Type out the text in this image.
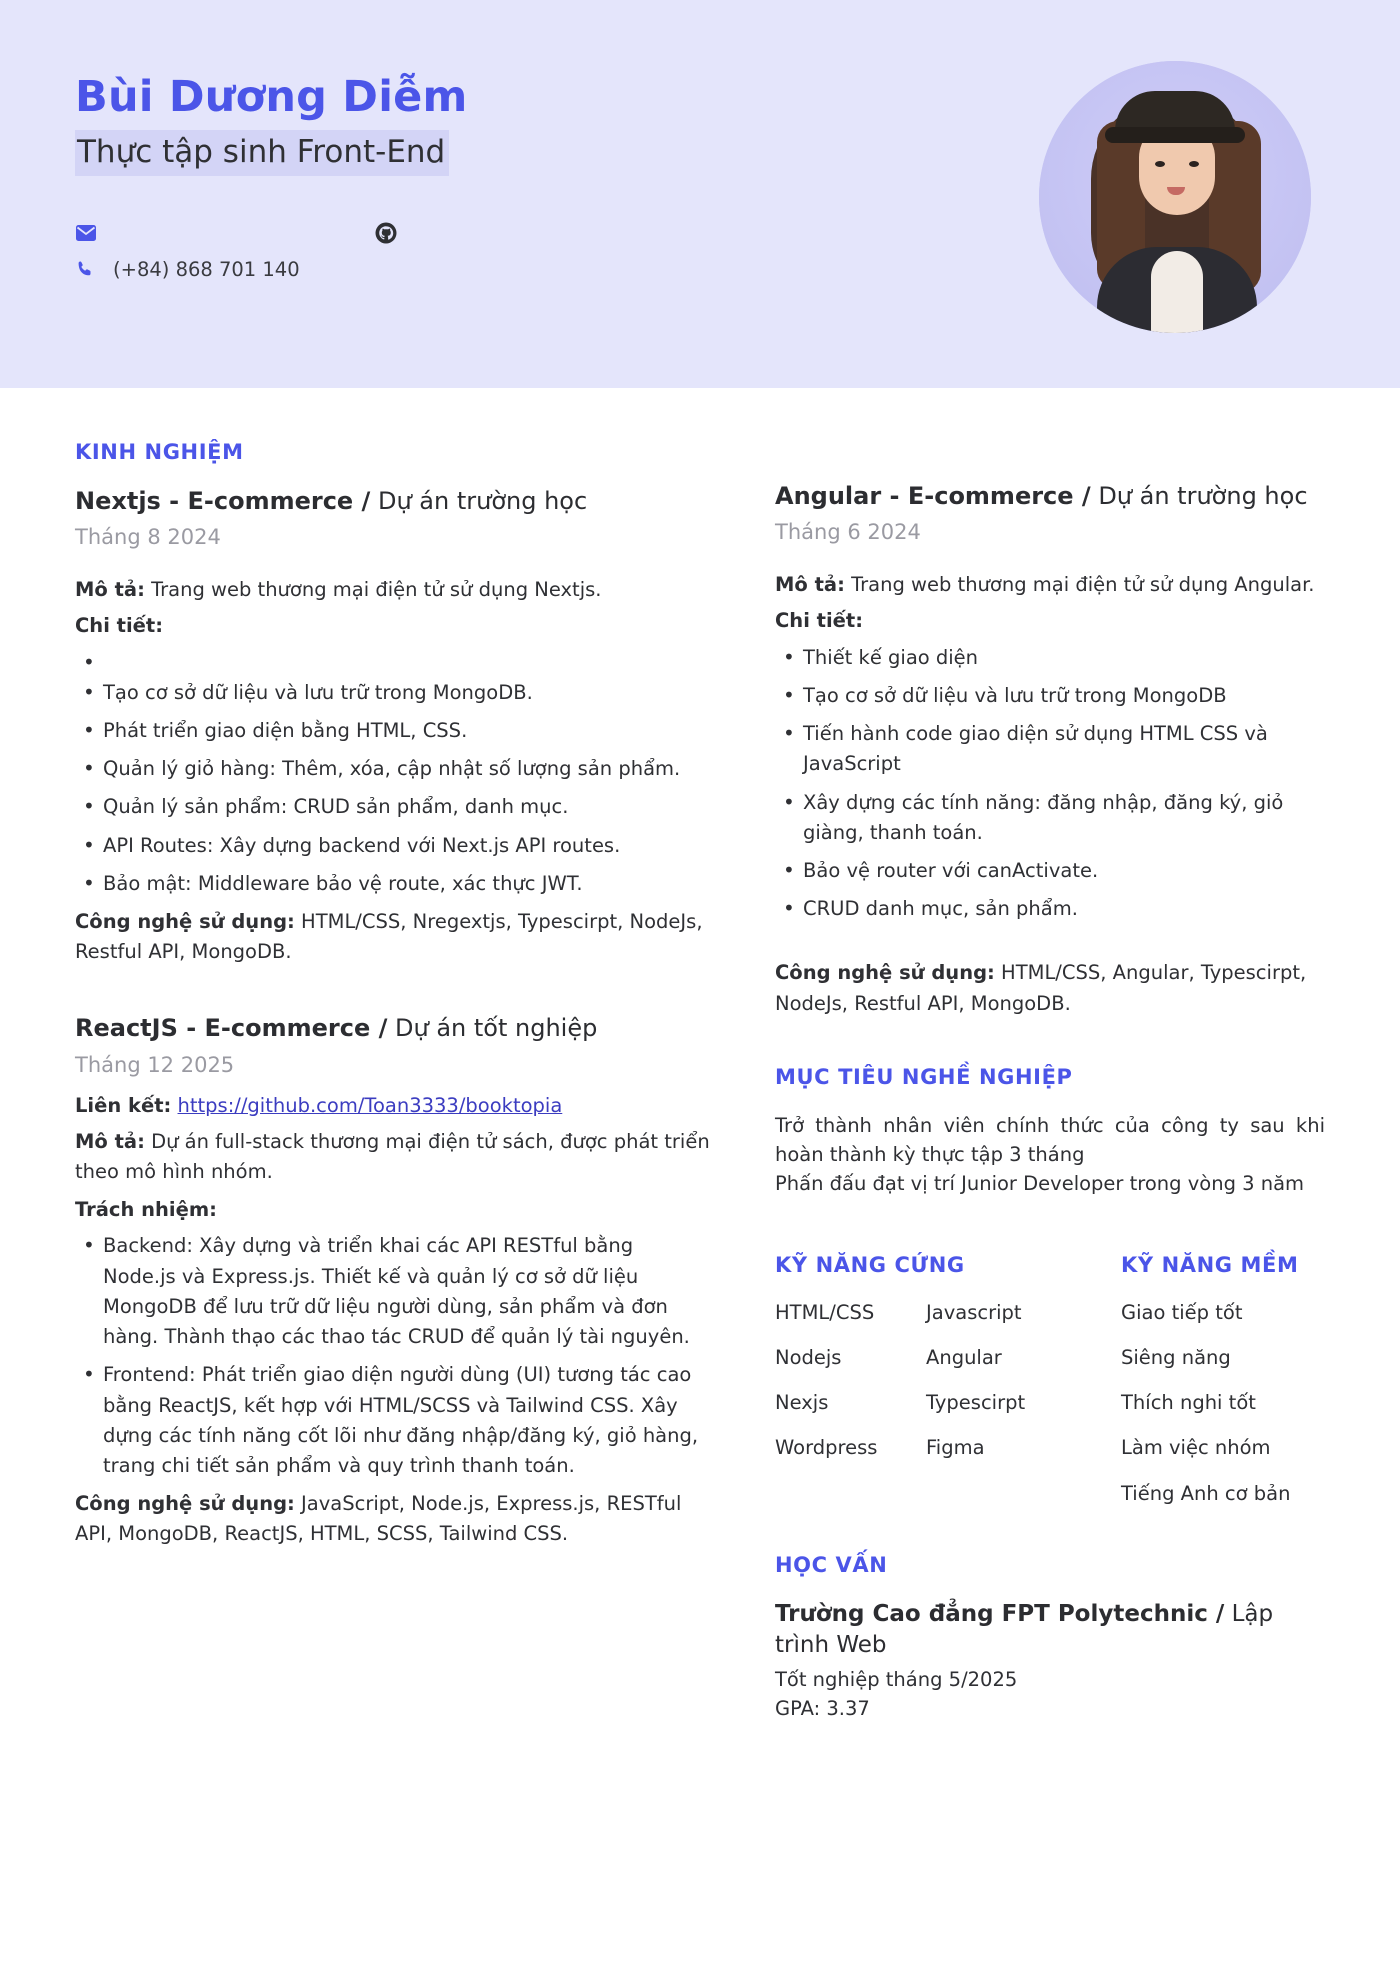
Bùi Dương Diễm
Thực tập sinh Front-End
(+84) 868 701 140
KINH NGHIỆM
Nextjs - E-commerce / Dự án trường học
Tháng 8 2024

Mô tả: Trang web thương mại điện tử sử dụng Nextjs.

Chi tiết:

•
• Tạo cơ sở dữ liệu và lưu trữ trong MongoDB.
• Phát triển giao diện bằng HTML, CSS.
• Quản lý giỏ hàng: Thêm, xóa, cập nhật số lượng sản phẩm.
• Quản lý sản phẩm: CRUD sản phẩm, danh mục.
• API Routes: Xây dựng backend với Next.js API routes.
• Bảo mật: Middleware bảo vệ route, xác thực JWT.
Công nghệ sử dụng: HTML/CSS, Nregextjs, Typescirpt, NodeJs, Restful API, MongoDB.
ReactJS - E-commerce / Dự án tốt nghiệp
Tháng 12 2025

Liên kết: https://github.com/Toan3333/booktopia

Mô tả: Dự án full-stack thương mại điện tử sách, được phát triển theo mô hình nhóm.

Trách nhiệm:

• Backend: Xây dựng và triển khai các API RESTful bằng Node.js và Express.js. Thiết kế và quản lý cơ sở dữ liệu MongoDB để lưu trữ dữ liệu người dùng, sản phẩm và đơn hàng. Thành thạo các thao tác CRUD để quản lý tài nguyên.
• Frontend: Phát triển giao diện người dùng (UI) tương tác cao bằng ReactJS, kết hợp với HTML/SCSS và Tailwind CSS. Xây dựng các tính năng cốt lõi như đăng nhập/đăng ký, giỏ hàng, trang chi tiết sản phẩm và quy trình thanh toán.
Công nghệ sử dụng: JavaScript, Node.js, Express.js, RESTful API, MongoDB, ReactJS, HTML, SCSS, Tailwind CSS.
Angular - E-commerce / Dự án trường học
Tháng 6 2024

Mô tả: Trang web thương mại điện tử sử dụng Angular.

Chi tiết:

• Thiết kế giao diện
• Tạo cơ sở dữ liệu và lưu trữ trong MongoDB
• Tiến hành code giao diện sử dụng HTML CSS và JavaScript
• Xây dựng các tính năng: đăng nhập, đăng ký, giỏ giàng, thanh toán.
• Bảo vệ router với canActivate.
• CRUD danh mục, sản phẩm.
Công nghệ sử dụng: HTML/CSS, Angular, Typescirpt, NodeJs, Restful API, MongoDB.
MỤC TIÊU NGHỀ NGHIỆP
Trở thành nhân viên chính thức của công ty sau khi hoàn thành kỳ thực tập 3 tháng
Phấn đấu đạt vị trí Junior Developer trong vòng 3 năm
KỸ NĂNG CỨNG
HTML/CSS	Javascript
Nodejs	Angular
Nexjs	Typescirpt
Wordpress	Figma
KỸ NĂNG MỀM
Giao tiếp tốt
Siêng năng
Thích nghi tốt
Làm việc nhóm
Tiếng Anh cơ bản
HỌC VẤN
Trường Cao đẳng FPT Polytechnic / Lập trình Web
Tốt nghiệp tháng 5/2025
GPA: 3.37
